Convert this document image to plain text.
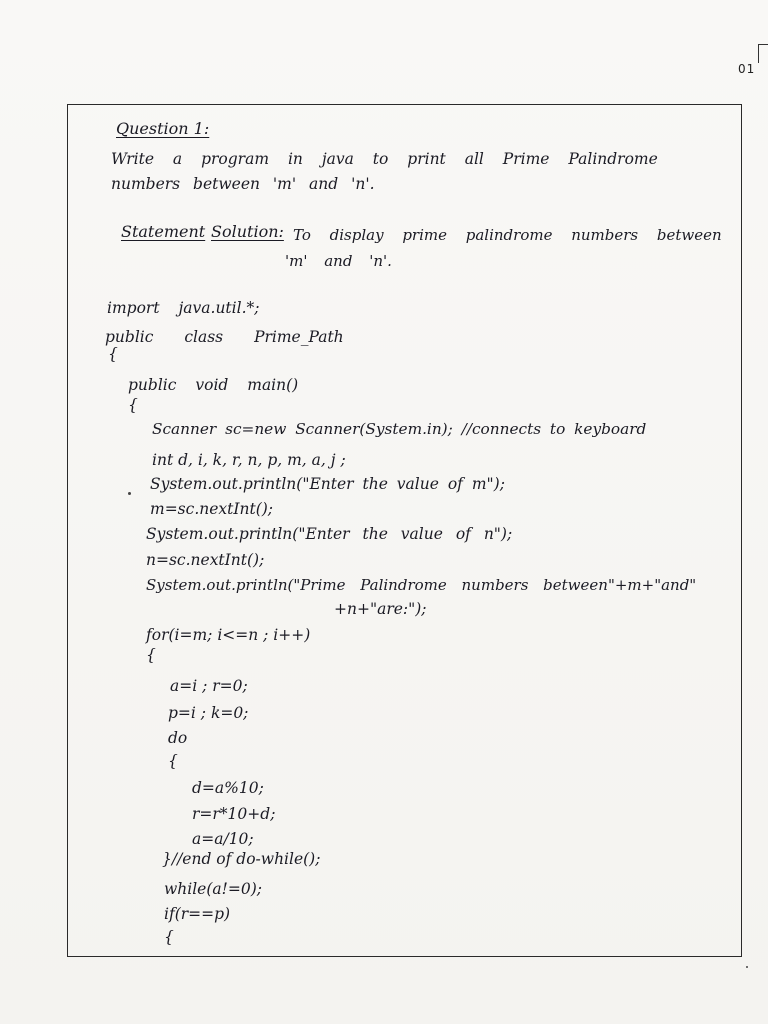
01
Question 1:
Write a program in java to print all Prime Palindrome
numbers between 'm' and 'n'.
Statement Solution: To display prime palindrome numbers between
'm' and 'n'.
import java.util.*;
public class Prime_Path
{
public void main()
{
Scanner sc=new Scanner(System.in); //connects to keyboard
int d, i, k, r, n, p, m, a, j ;
System.out.println("Enter the value of m");
m=sc.nextInt();
System.out.println("Enter the value of n");
n=sc.nextInt();
System.out.println("Prime Palindrome numbers between"+m+"and"
+n+"are:");
for(i=m; i<=n ; i++)
{
a=i ; r=0;
p=i ; k=0;
do
{
d=a%10;
r=r*10+d;
a=a/10;
}//end of do-while();
while(a!=0);
if(r==p)
{
